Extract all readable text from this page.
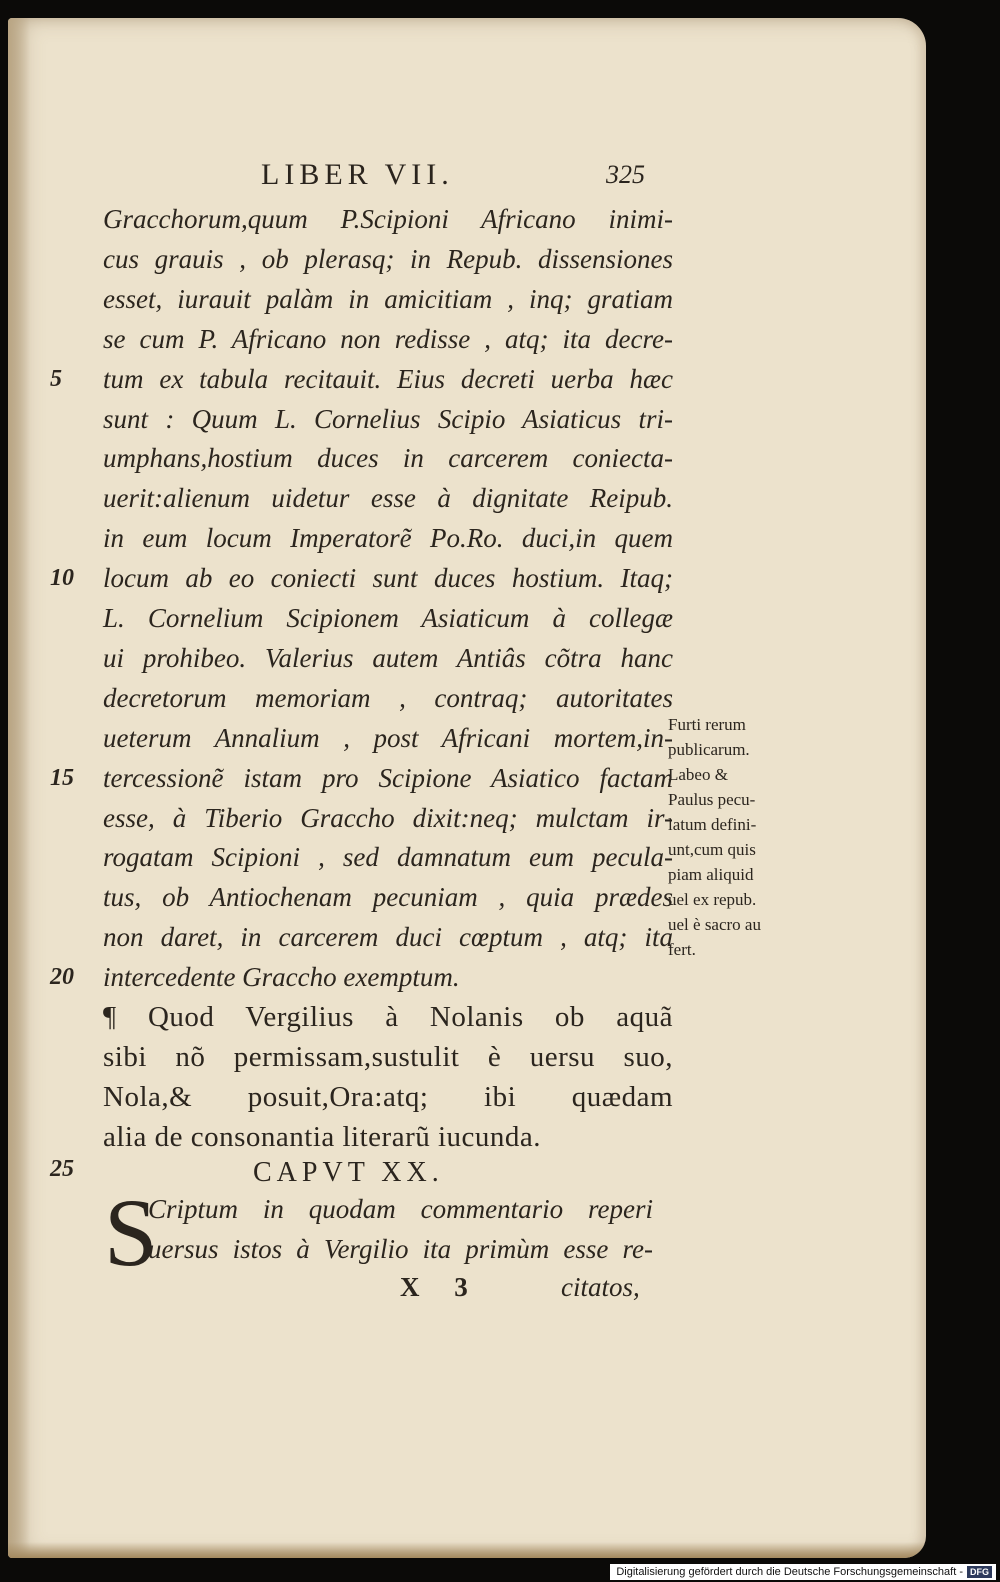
LIBER VII.	325
Gracchorum,quum P.Scipioni Africano inimi-
cus grauis , ob plerasq; in Repub. dissensiones
esset, iurauit palàm in amicitiam , inq; gratiam
se cum P. Africano non redisse , atq; ita decre-
tum ex tabula recitauit. Eius decreti uerba hæc
5
sunt : Quum L. Cornelius Scipio Asiaticus tri-
umphans,hostium duces in carcerem coniecta-
uerit:alienum uidetur esse à dignitate Reipub.
in eum locum Imperatorẽ Po.Ro. duci,in quem
locum ab eo coniecti sunt duces hostium. Itaq;
10
L. Cornelium Scipionem Asiaticum à collegæ
ui prohibeo. Valerius autem Antiâs cõtra hanc
decretorum memoriam , contraq; autoritates
ueterum Annalium , post Africani mortem,in-
tercessionẽ istam pro Scipione Asiatico factam
15
esse, à Tiberio Graccho dixit:neq; mulctam ir-
rogatam Scipioni , sed damnatum eum pecula-
tus, ob Antiochenam pecuniam , quia prædes
non daret, in carcerem duci cœptum , atq; ita
intercedente Graccho exemptum.
20
¶ Quod Vergilius à Nolanis ob aquã
sibi nõ permissam,sustulit è uersu suo,
Nola,& posuit,Ora:atq; ibi quædam
alia de consonantia literarũ iucunda.
25	CAPVT XX.
S
Criptum in quodam commentario reperi
uersus istos à Vergilio ita primùm esse re-
Furti rerum
publicarum.
Labeo &
Paulus pecu-
latum defini-
unt,cum quis
piam aliquid
uel ex repub.
uel è sacro au
fert.
X 3	citatos,
Digitalisierung gefördert durch die Deutsche Forschungsgemeinschaft - DFG
